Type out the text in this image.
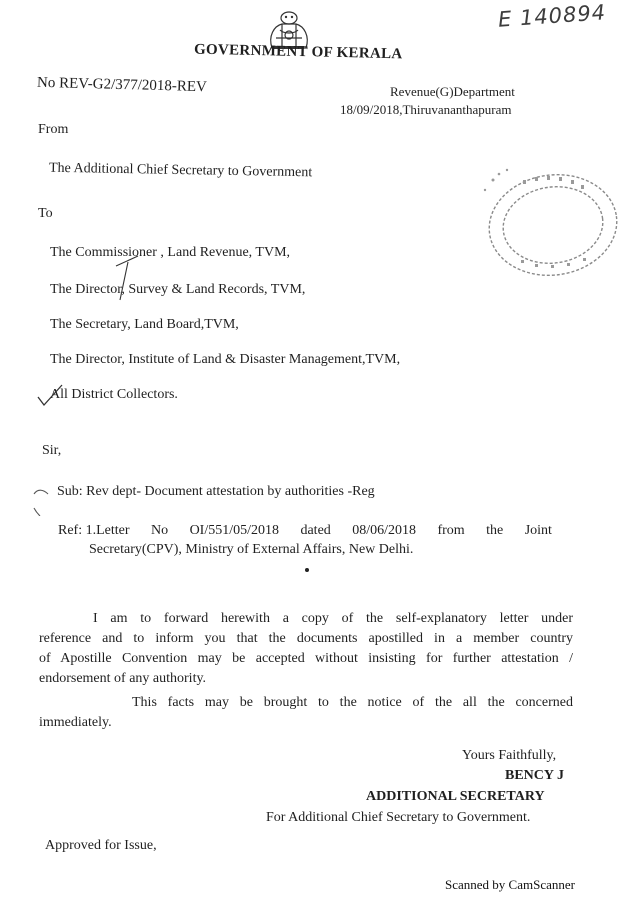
E 140894
GOVERNMENT OF KERALA
No REV-G2/377/2018-REV	Revenue(G)Department
18/09/2018,Thiruvananthapuram
From
The Additional Chief Secretary to Government
To
The Commissioner , Land Revenue, TVM,
The Director, Survey & Land Records, TVM,
The Secretary, Land Board,TVM,
The Director, Institute of Land & Disaster Management,TVM,
All District Collectors.
Sir,
Sub: Rev dept- Document attestation by authorities -Reg
Ref: 1.Letter No OI/551/05/2018 dated 08/06/2018 from the Joint
Secretary(CPV), Ministry of External Affairs, New Delhi.
I am to forward herewith a copy of the self-explanatory letter under
reference and to inform you that the documents apostilled in a member country
of Apostille Convention may be accepted without insisting for further attestation /
endorsement of any authority.
This facts may be brought to the notice of the all the concerned
immediately.
Yours Faithfully,
BENCY J
ADDITIONAL SECRETARY
For Additional Chief Secretary to Government.
Approved for Issue,
Scanned by CamScanner
